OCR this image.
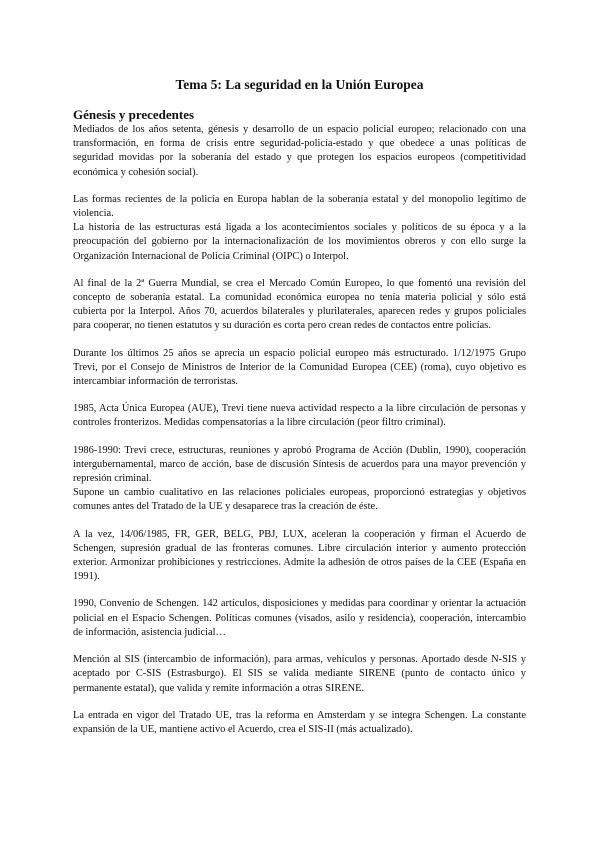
Tema 5: La seguridad en la Unión Europea
Génesis y precedentes

Mediados de los años setenta, génesis y desarrollo de un espacio policial europeo; relacionado con una transformación, en forma de crisis entre seguridad-policía-estado y que obedece a unas políticas de seguridad movidas por la soberanía del estado y que protegen los espacios europeos (competitividad económica y cohesión social).

Las formas recientes de la policía en Europa hablan de la soberanía estatal y del monopolio legítimo de violencia.

La historia de las estructuras está ligada a los acontecimientos sociales y políticos de su época y a la preocupación del gobierno por la internacionalización de los movimientos obreros y con ello surge la Organización Internacional de Policía Criminal (OIPC) o Interpol.

Al final de la 2ª Guerra Mundial, se crea el Mercado Común Europeo, lo que fomentó una revisión del concepto de soberanía estatal. La comunidad económica europea no tenía materia policial y sólo está cubierta por la Interpol. Años 70, acuerdos bilaterales y plurilaterales, aparecen redes y grupos policiales para cooperar, no tienen estatutos y su duración es corta pero crean redes de contactos entre policías.

Durante los últimos 25 años se aprecia un espacio policial europeo más estructurado. 1/12/1975 Grupo Trevi, por el Consejo de Ministros de Interior de la Comunidad Europea (CEE) (roma), cuyo objetivo es intercambiar información de terroristas.

1985, Acta Única Europea (AUE), Trevi tiene nueva actividad respecto a la libre circulación de personas y controles fronterizos. Medidas compensatorias a la libre circulación (peor filtro criminal).

1986-1990: Trevi crece, estructuras, reuniones y aprobó Programa de Acción (Dublin, 1990), cooperación intergubernamental, marco de acción, base de discusión Síntesis de acuerdos para una mayor prevención y represión criminal.

Supone un cambio cualitativo en las relaciones policiales europeas, proporcionó estrategias y objetivos comunes antes del Tratado de la UE y desaparece tras la creación de éste.

A la vez, 14/06/1985, FR, GER, BELG, PBJ, LUX, aceleran la cooperación y firman el Acuerdo de Schengen, supresión gradual de las fronteras comunes. Libre circulación interior y aumento protección exterior. Armonizar prohibiciones y restricciones. Admite la adhesión de otros países de la CEE (España en 1991).

1990, Convenio de Schengen. 142 artículos, disposiciones y medidas para coordinar y orientar la actuación policial en el Espacio Schengen. Políticas comunes (visados, asilo y residencia), cooperación, intercambio de información, asistencia judicial…

Mención al SIS (intercambio de información), para armas, vehículos y personas. Aportado desde N-SIS y aceptado por C-SIS (Estrasburgo). El SIS se valida mediante SIRENE (punto de contacto único y permanente estatal), que valida y remite información a otras SIRENE.

La entrada en vigor del Tratado UE, tras la reforma en Amsterdam y se integra Schengen. La constante expansión de la UE, mantiene activo el Acuerdo, crea el SIS-II (más actualizado).
